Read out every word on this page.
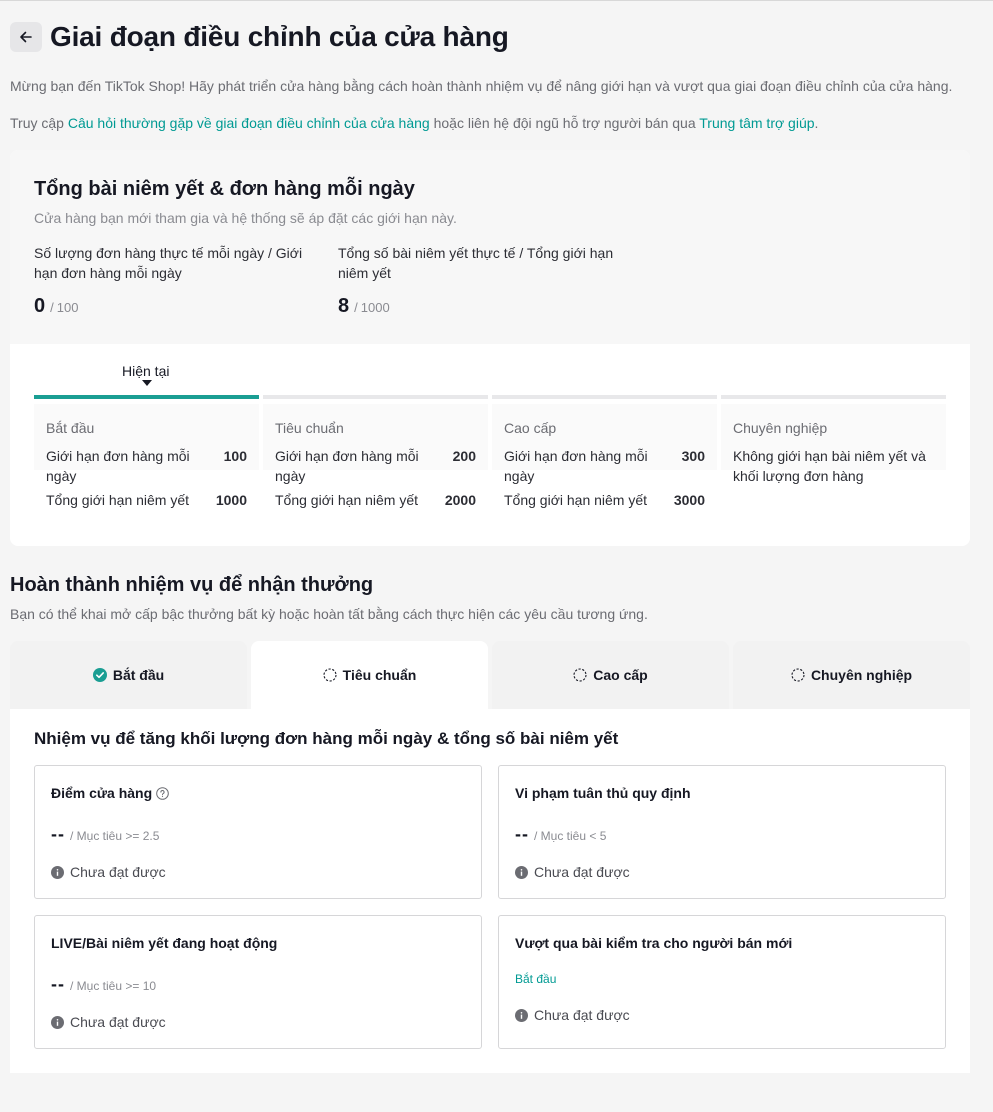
Giai đoạn điều chỉnh của cửa hàng

Mừng bạn đến TikTok Shop! Hãy phát triển cửa hàng bằng cách hoàn thành nhiệm vụ để nâng giới hạn và vượt qua giai đoạn điều chỉnh của cửa hàng.

Truy cập Câu hỏi thường gặp về giai đoạn điều chỉnh của cửa hàng hoặc liên hệ đội ngũ hỗ trợ người bán qua Trung tâm trợ giúp.

Tổng bài niêm yết & đơn hàng mỗi ngày

Cửa hàng bạn mới tham gia và hệ thống sẽ áp đặt các giới hạn này.

Số lượng đơn hàng thực tế mỗi ngày / Giới hạn đơn hàng mỗi ngày
0 / 100
Tổng số bài niêm yết thực tế / Tổng giới hạn niêm yết
8 / 1000
Hiện tại
Bắt đầu
Giới hạn đơn hàng mỗi ngày
100
Tổng giới hạn niêm yết	1000
Tiêu chuẩn
Giới hạn đơn hàng mỗi ngày
200
Tổng giới hạn niêm yết	2000
Cao cấp
Giới hạn đơn hàng mỗi ngày
300
Tổng giới hạn niêm yết	3000
Chuyên nghiệp
Không giới hạn bài niêm yết và khối lượng đơn hàng
Hoàn thành nhiệm vụ để nhận thưởng

Bạn có thể khai mở cấp bậc thưởng bất kỳ hoặc hoàn tất bằng cách thực hiện các yêu cầu tương ứng.

Bắt đầu	Tiêu chuẩn	Cao cấp	Chuyên nghiệp
Nhiệm vụ để tăng khối lượng đơn hàng mỗi ngày & tổng số bài niêm yết
Điểm cửa hàng
-- / Mục tiêu >= 2.5
Chưa đạt được
Vi phạm tuân thủ quy định
-- / Mục tiêu < 5
Chưa đạt được
LIVE/Bài niêm yết đang hoạt động
-- / Mục tiêu >= 10
Chưa đạt được
Vượt qua bài kiểm tra cho người bán mới
Bắt đầu
Chưa đạt được
